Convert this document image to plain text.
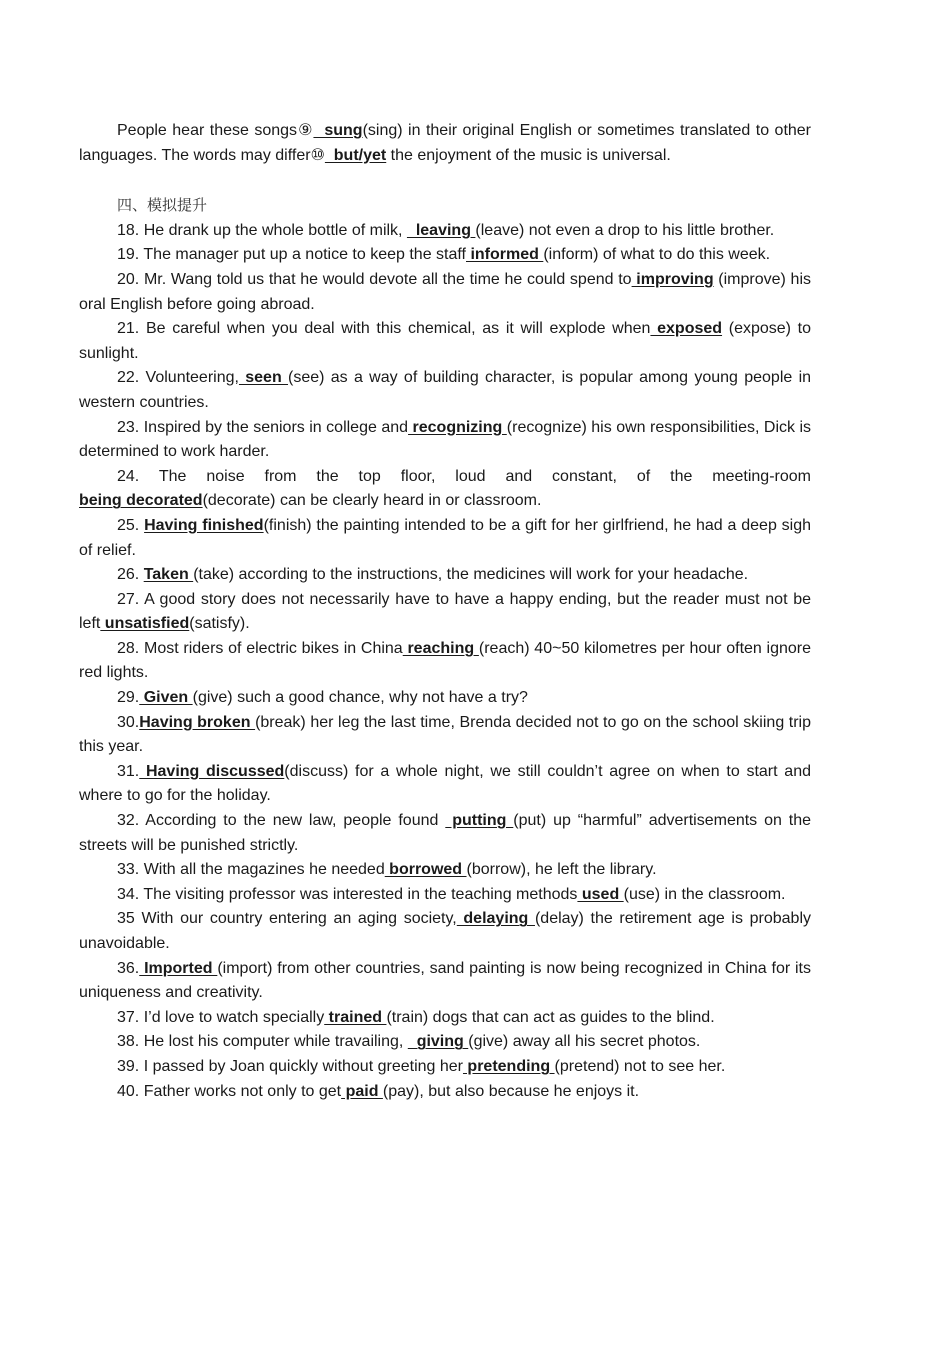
People hear these songs⑨  sung(sing) in their original English or sometimes translated to other languages. The words may differ⑩  but/yet the enjoyment of the music is universal.

四、模拟提升

18. He drank up the whole bottle of milk,   leaving (leave) not even a drop to his little brother.

19. The manager put up a notice to keep the staff informed (inform) of what to do this week.

20. Mr. Wang told us that he would devote all the time he could spend to improving (improve) his oral English before going abroad.

21. Be careful when you deal with this chemical, as it will explode when exposed (expose) to sunlight.

22. Volunteering, seen (see) as a way of building character, is popular among young people in western countries.

23. Inspired by the seniors in college and recognizing (recognize) his own responsibilities, Dick is determined to work harder.

24. The noise from the top floor, loud and constant, of the meeting-room being decorated(decorate) can be clearly heard in or classroom.

25. Having finished(finish) the painting intended to be a gift for her girlfriend, he had a deep sigh of relief.

26. Taken (take) according to the instructions, the medicines will work for your headache.

27. A good story does not necessarily have to have a happy ending, but the reader must not be left unsatisfied(satisfy).

28. Most riders of electric bikes in China reaching (reach) 40~50 kilometres per hour often ignore red lights.

29. Given (give) such a good chance, why not have a try?

30.Having broken (break) her leg the last time, Brenda decided not to go on the school skiing trip this year.

31. Having discussed(discuss) for a whole night, we still couldn’t agree on when to start and where to go for the holiday.

32. According to the new law, people found  putting (put) up “harmful” advertisements on the streets will be punished strictly.

33. With all the magazines he needed borrowed (borrow), he left the library.

34. The visiting professor was interested in the teaching methods used (use) in the classroom.

35 With our country entering an aging society, delaying (delay) the retirement age is probably unavoidable.

36. Imported (import) from other countries, sand painting is now being recognized in China for its uniqueness and creativity.

37. I’d love to watch specially trained (train) dogs that can act as guides to the blind.

38. He lost his computer while travailing,   giving (give) away all his secret photos.

39. I passed by Joan quickly without greeting her pretending (pretend) not to see her.

40. Father works not only to get paid (pay), but also because he enjoys it.
